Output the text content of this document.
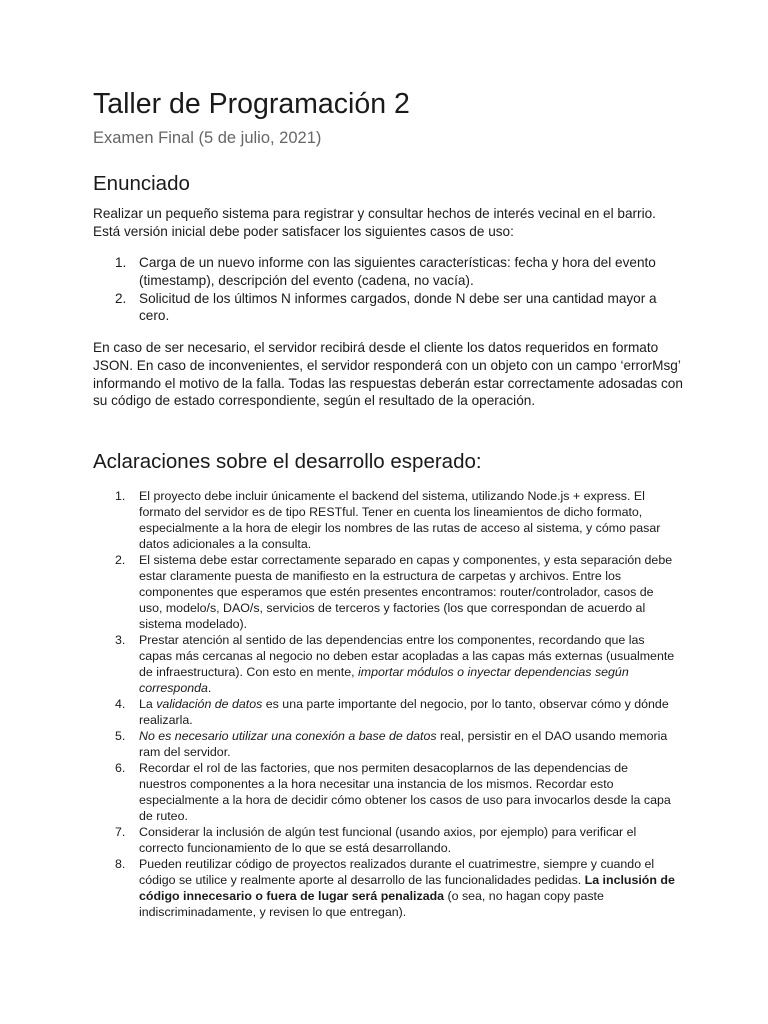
Taller de Programación 2

Examen Final (5 de julio, 2021)

Enunciado

Realizar un pequeño sistema para registrar y consultar hechos de interés vecinal en el barrio. Está versión inicial debe poder satisfacer los siguientes casos de uso:

1. Carga de un nuevo informe con las siguientes características: fecha y hora del evento (timestamp), descripción del evento (cadena, no vacía).
2. Solicitud de los últimos N informes cargados, donde N debe ser una cantidad mayor a cero.

En caso de ser necesario, el servidor recibirá desde el cliente los datos requeridos en formato JSON. En caso de inconvenientes, el servidor responderá con un objeto con un campo ‘errorMsg’ informando el motivo de la falla. Todas las respuestas deberán estar correctamente adosadas con su código de estado correspondiente, según el resultado de la operación.

Aclaraciones sobre el desarrollo esperado:
1. El proyecto debe incluir únicamente el backend del sistema, utilizando Node.js + express. El formato del servidor es de tipo RESTful. Tener en cuenta los lineamientos de dicho formato, especialmente a la hora de elegir los nombres de las rutas de acceso al sistema, y cómo pasar datos adicionales a la consulta.
2. El sistema debe estar correctamente separado en capas y componentes, y esta separación debe estar claramente puesta de manifiesto en la estructura de carpetas y archivos. Entre los componentes que esperamos que estén presentes encontramos: router/controlador, casos de uso, modelo/s, DAO/s, servicios de terceros y factories (los que correspondan de acuerdo al sistema modelado).
3. Prestar atención al sentido de las dependencias entre los componentes, recordando que las capas más cercanas al negocio no deben estar acopladas a las capas más externas (usualmente de infraestructura). Con esto en mente, importar módulos o inyectar dependencias según corresponda.
4. La validación de datos es una parte importante del negocio, por lo tanto, observar cómo y dónde realizarla.
5. No es necesario utilizar una conexión a base de datos real, persistir en el DAO usando memoria ram del servidor.
6. Recordar el rol de las factories, que nos permiten desacoplarnos de las dependencias de nuestros componentes a la hora necesitar una instancia de los mismos. Recordar esto especialmente a la hora de decidir cómo obtener los casos de uso para invocarlos desde la capa de ruteo.
7. Considerar la inclusión de algún test funcional (usando axios, por ejemplo) para verificar el correcto funcionamiento de lo que se está desarrollando.
8. Pueden reutilizar código de proyectos realizados durante el cuatrimestre, siempre y cuando el código se utilice y realmente aporte al desarrollo de las funcionalidades pedidas. La inclusión de código innecesario o fuera de lugar será penalizada (o sea, no hagan copy paste indiscriminadamente, y revisen lo que entregan).
